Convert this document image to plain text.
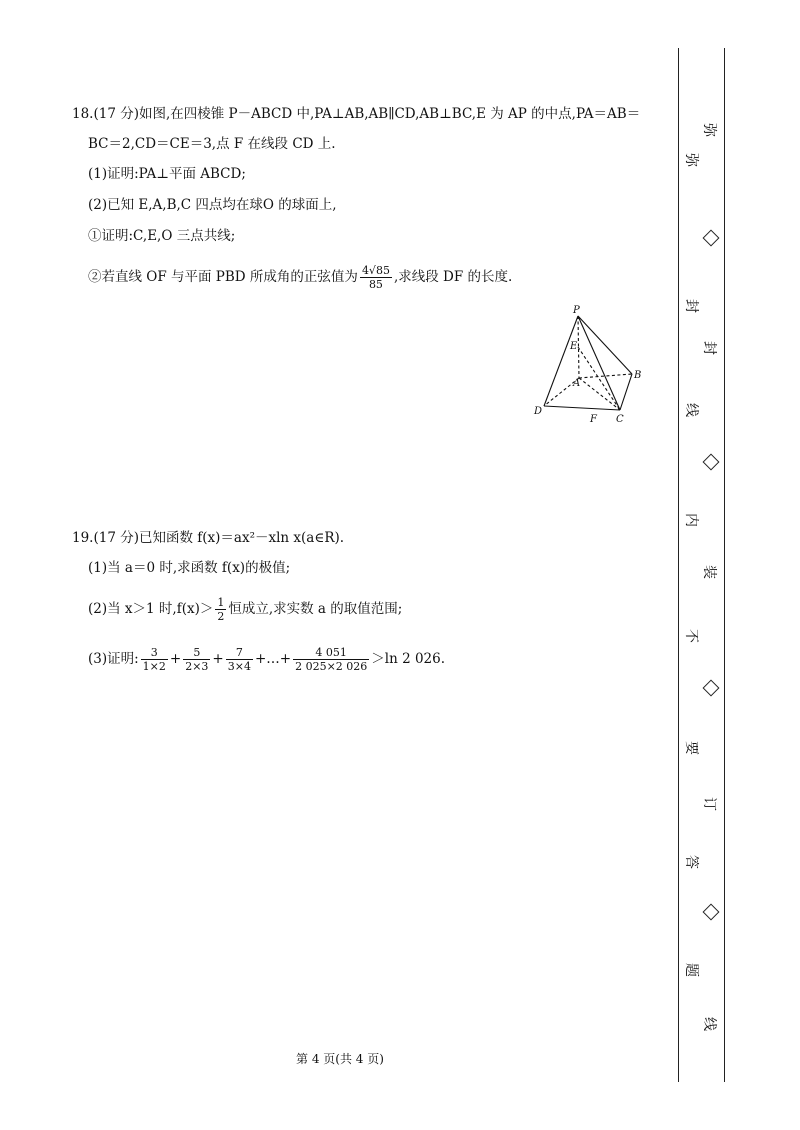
18.(17 分)如图,在四棱锥 P－ABCD 中,PA⊥AB,AB∥CD,AB⊥BC,E 为 AP 的中点,PA＝AB＝
BC＝2,CD＝CE＝3,点 F 在线段 CD 上.
(1)证明:PA⊥平面 ABCD;
(2)已知 E,A,B,C 四点均在球O 的球面上,
①证明:C,E,O 三点共线;
②若直线 OF 与平面 PBD 所成角的正弦值为 $\frac{4√85}{85}$ ,求线段 DF 的长度.
P
E
A
B
C
D
F
19.(17 分)已知函数 f(x)＝ax²－xln x(a∈R).
(1)当 a＝0 时,求函数 f(x)的极值;
(2)当 x＞1 时$,f(x)> \frac{1}{2}$ 恒成立,求实数 a 的取值范围;
(3)证明: $\frac{3}{1\times 2} + \frac{5}{2\times 3} + \frac{7}{3\times 4}$ +…+ $\frac{4 051}{2 025\times 2 026} >\ln$ 2 026.
第 4 页(共 4 页)
弥
封
线
内
不
要
答
题
弥
封
装
订
线
